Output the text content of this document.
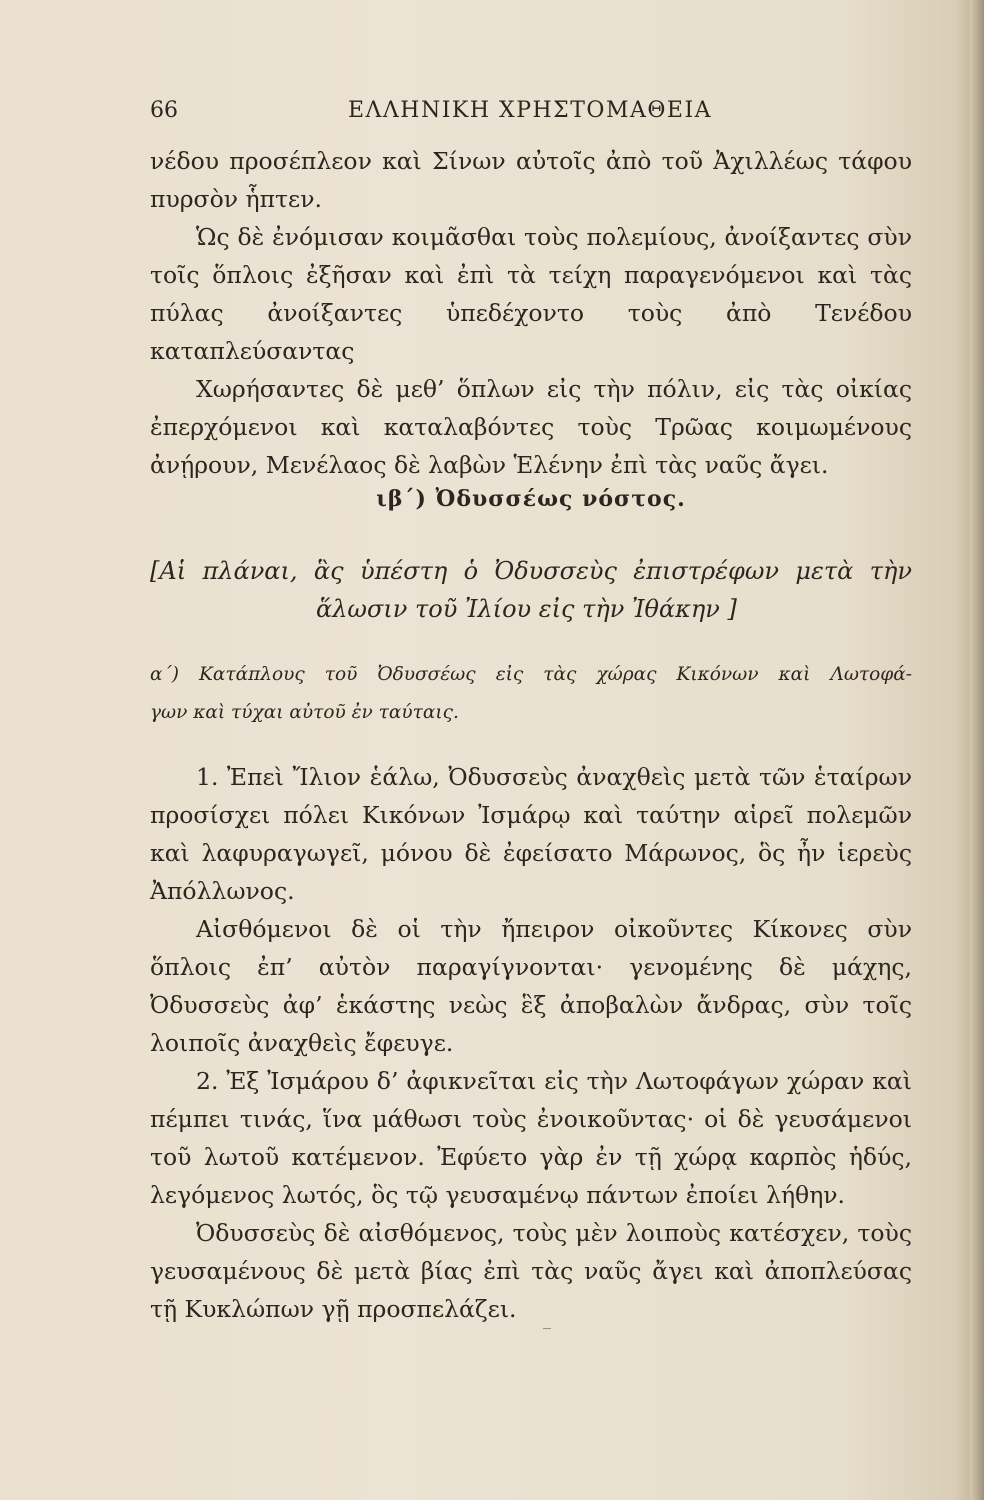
66	ΕΛΛΗΝΙΚΗ ΧΡΗΣΤΟΜΑΘΕΙΑ

νέδου προσέπλεον καὶ Σίνων αὐτοῖς ἀπὸ τοῦ Ἀχιλλέως τάφου πυρσὸν ἧπτεν.

Ὡς δὲ ἐνόμισαν κοιμᾶσθαι τοὺς πολεμίους, ἀνοίξαντες σὺν τοῖς ὅπλοις ἐξῆσαν καὶ ἐπὶ τὰ τείχη παραγενόμενοι καὶ τὰς πύλας ἀνοίξαντες ὑπεδέχοντο τοὺς ἀπὸ Τενέδου καταπλεύσαντας

Χωρήσαντες δὲ μεθ’ ὅπλων εἰς τὴν πόλιν, εἰς τὰς οἰκίας ἐπερχόμενοι καὶ καταλαβόντες τοὺς Τρῶας κοιμωμένους ἀνῄρουν, Μενέλαος δὲ λαβὼν Ἑλένην ἐπὶ τὰς ναῦς ἄγει.

ιβ΄) Ὀδυσσέως νόστος.
[Αἱ πλάναι, ἃς ὑπέστη ὁ Ὀδυσσεὺς ἐπιστρέφων μετὰ τὴν
ἅλωσιν τοῦ Ἰλίου εἰς τὴν Ἰθάκην ]
α΄) Κατάπλους τοῦ Ὀδυσσέως εἰς τὰς χώρας Κικόνων καὶ Λωτοφά-
γων καὶ τύχαι αὐτοῦ ἐν ταύταις.

1. Ἐπεὶ Ἴλιον ἑάλω, Ὀδυσσεὺς ἀναχθεὶς μετὰ τῶν ἑταίρων προσίσχει πόλει Κικόνων Ἰσμάρῳ καὶ ταύτην αἱρεῖ πολεμῶν καὶ λαφυραγωγεῖ, μόνου δὲ ἐφείσατο Μάρωνος, ὃς ἦν ἱερεὺς Ἀπόλλωνος.

Αἰσθόμενοι δὲ οἱ τὴν ἤπειρον οἰκοῦντες Κίκονες σὺν ὅπλοις ἐπ’ αὐτὸν παραγίγνονται· γενομένης δὲ μάχης, Ὀδυσσεὺς ἀφ’ ἑκάστης νεὼς ἓξ ἀποβαλὼν ἄνδρας, σὺν τοῖς λοιποῖς ἀναχθεὶς ἔφευγε.

2. Ἐξ Ἰσμάρου δ’ ἀφικνεῖται εἰς τὴν Λωτοφάγων χώραν καὶ πέμπει τινάς, ἵνα μάθωσι τοὺς ἐνοικοῦντας· οἱ δὲ γευσάμενοι τοῦ λωτοῦ κατέμενον. Ἐφύετο γὰρ ἐν τῇ χώρᾳ καρπὸς ἡδύς, λεγόμενος λωτός, ὃς τῷ γευσαμένῳ πάντων ἐποίει λήθην.

Ὀδυσσεὺς δὲ αἰσθόμενος, τοὺς μὲν λοιποὺς κατέσχεν, τοὺς γευσαμένους δὲ μετὰ βίας ἐπὶ τὰς ναῦς ἄγει καὶ ἀποπλεύσας τῇ Κυκλώπων γῇ προσπελάζει.
